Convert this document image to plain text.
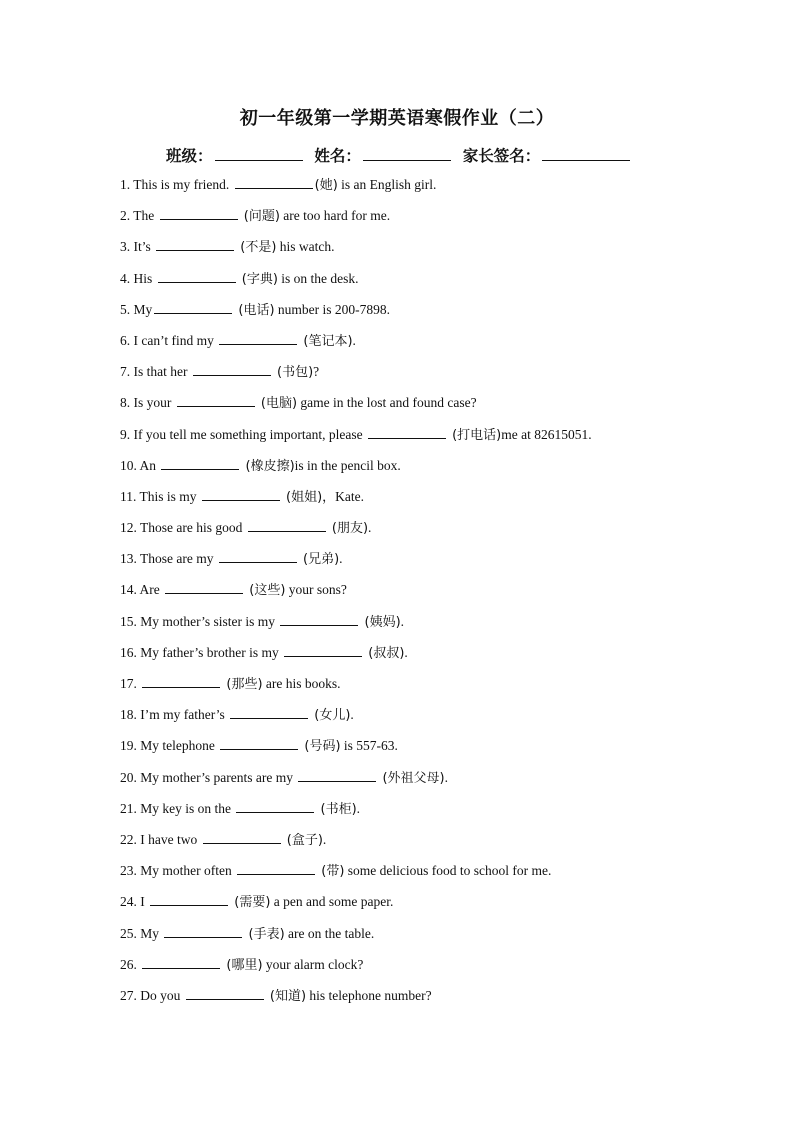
初一年级第一学期英语寒假作业（二）
班级：	姓名：	家长签名：
1. This is my friend.	(她) is an English girl.
2. The	(问题) are too hard for me.
3. It’s	(不是) his watch.
4. His	(字典) is on the desk.
5. My	(电话) number is 200-7898.
6. I can’t find my	(笔记本).
7. Is that her	(书包)?
8. Is your	(电脑) game in the lost and found case?
9. If you tell me something important, please	(打电话)me at 82615051.
10. An	(橡皮擦)is in the pencil box.
11. This is my	(姐姐)，Kate.
12. Those are his good	(朋友).
13. Those are my	(兄弟).
14. Are	(这些) your sons?
15. My mother’s sister is my	(姨妈).
16. My father’s brother is my	(叔叔).
17.	(那些) are his books.
18. I’m my father’s	(女儿).
19. My telephone	(号码) is 557-63.
20. My mother’s parents are my	(外祖父母).
21. My key is on the	(书柜).
22. I have two	(盒子).
23. My mother often	(带) some delicious food to school for me.
24. I	(需要) a pen and some paper.
25. My	(手表) are on the table.
26.	(哪里) your alarm clock?
27. Do you	(知道) his telephone number?
